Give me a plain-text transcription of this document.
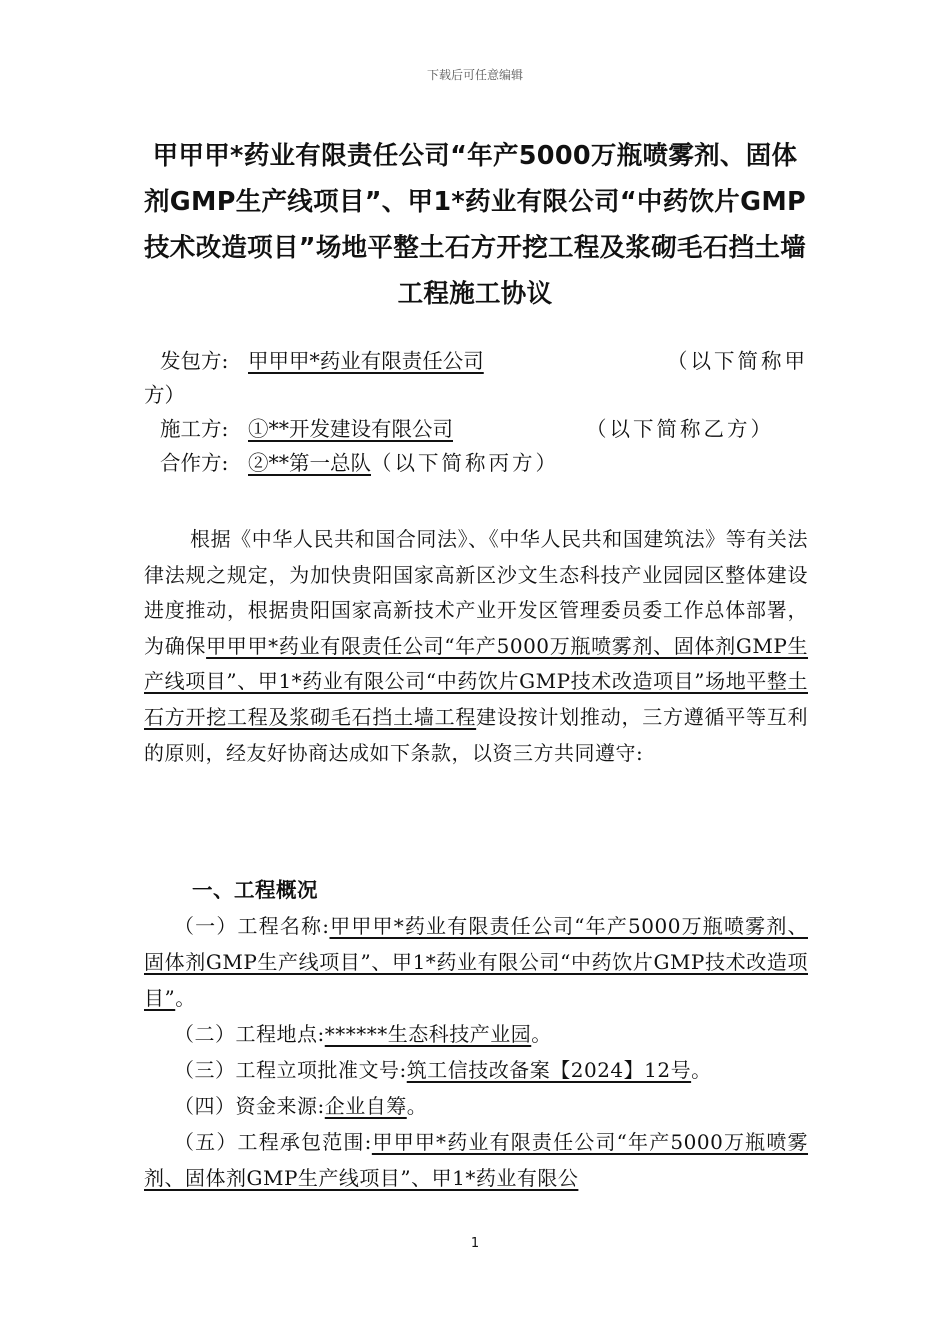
下载后可任意编辑
甲甲甲*药业有限责任公司“年产5000万瓶喷雾剂、固体剂GMP生产线项目”、甲1*药业有限公司“中药饮片GMP技术改造项目”场地平整土石方开挖工程及浆砌毛石挡土墙工程施工协议
发包方: 甲甲甲*药业有限责任公司	（以下简称甲
方）
施工方: ①**开发建设有限公司	（以下简称乙方）
合作方: ②**第一总队 （以下简称丙方）

根据《中华人民共和国合同法》、《中华人民共和国建筑法》等有关法律法规之规定，为加快贵阳国家高新区沙文生态科技产业园园区整体建设进度推动，根据贵阳国家高新技术产业开发区管理委员委工作总体部署，为确保甲甲甲*药业有限责任公司“年产5000万瓶喷雾剂、固体剂GMP生产线项目”、甲1*药业有限公司“中药饮片GMP技术改造项目”场地平整土石方开挖工程及浆砌毛石挡土墙工程建设按计划推动，三方遵循平等互利的原则，经友好协商达成如下条款，以资三方共同遵守:

一、工程概况

（一）工程名称:甲甲甲*药业有限责任公司“年产5000万瓶喷雾剂、固体剂GMP生产线项目”、甲1*药业有限公司“中药饮片GMP技术改造项目”。

（二）工程地点:******生态科技产业园。

（三）工程立项批准文号:筑工信技改备案【2024】12号。

（四）资金来源:企业自筹。

（五）工程承包范围:甲甲甲*药业有限责任公司“年产5000万瓶喷雾剂、固体剂GMP生产线项目”、甲1*药业有限公

1
